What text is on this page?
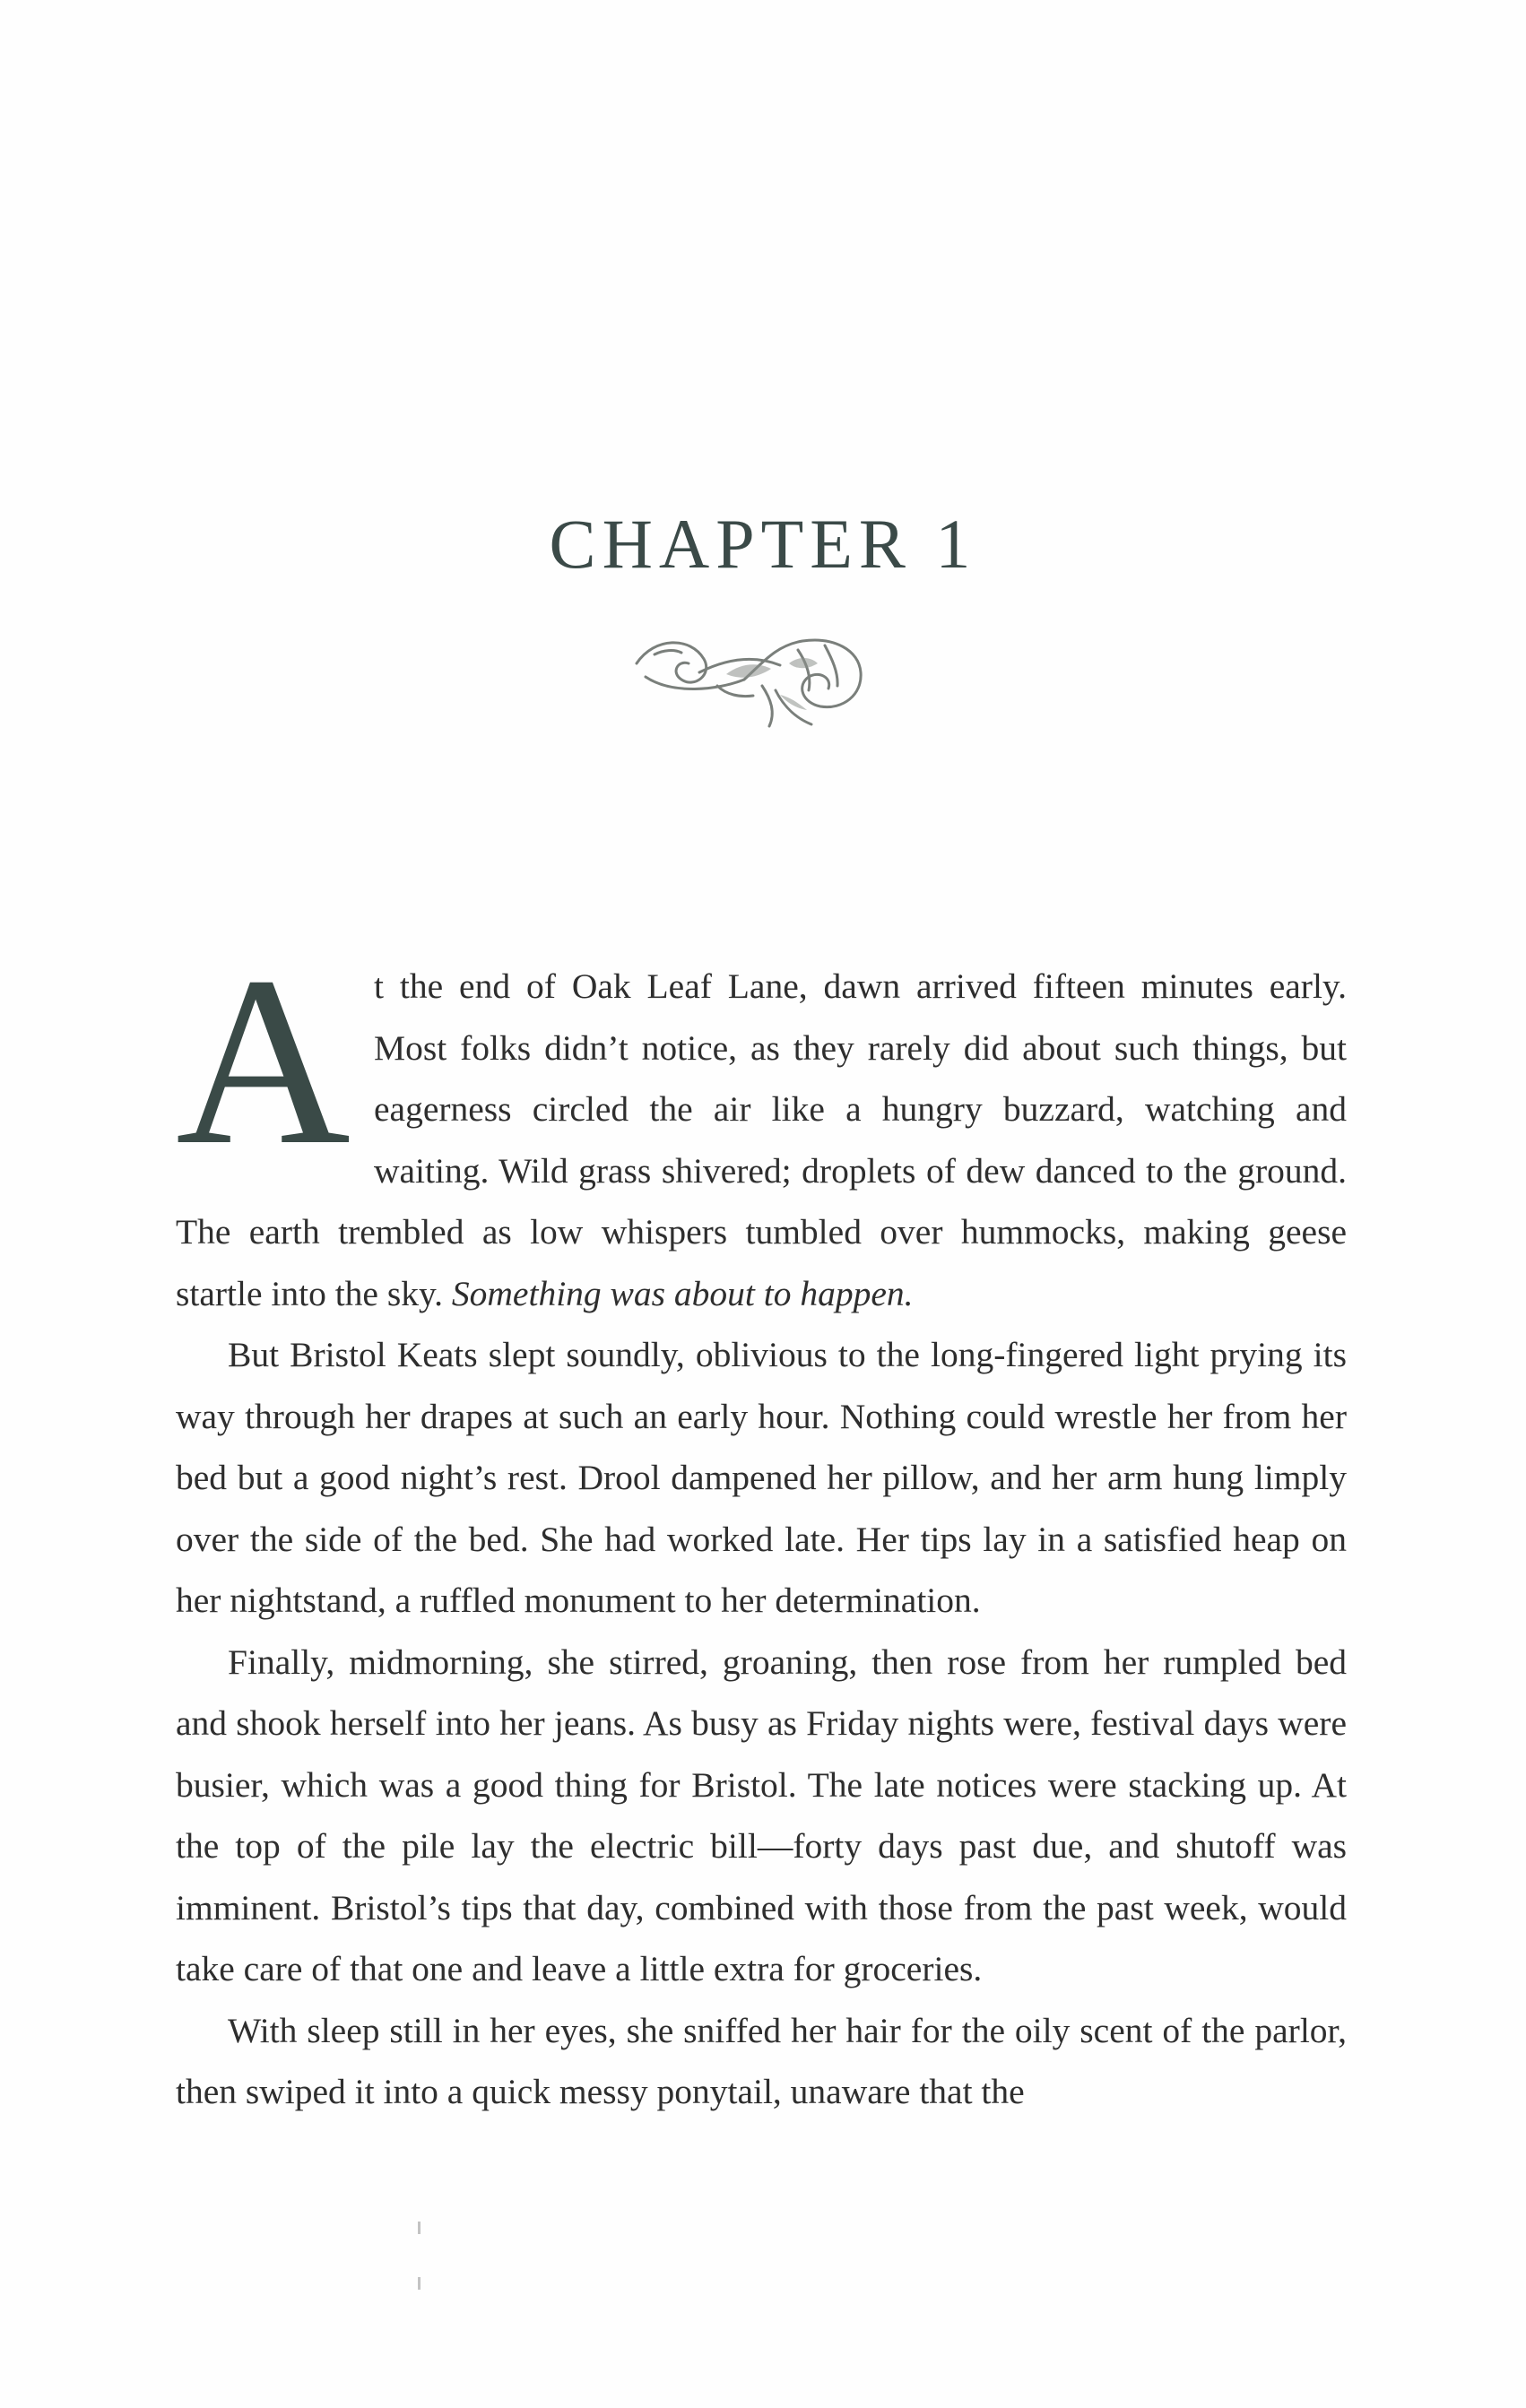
CHAPTER 1

At the end of Oak Leaf Lane, dawn arrived fifteen minutes early. Most folks didn’t notice, as they rarely did about such things, but eagerness circled the air like a hungry buzzard, watching and waiting. Wild grass shivered; droplets of dew danced to the ground. The earth trembled as low whispers tumbled over hummocks, making geese startle into the sky. Something was about to happen.

But Bristol Keats slept soundly, oblivious to the long-fingered light prying its way through her drapes at such an early hour. Nothing could wrestle her from her bed but a good night’s rest. Drool dampened her pillow, and her arm hung limply over the side of the bed. She had worked late. Her tips lay in a satisfied heap on her nightstand, a ruffled monument to her determination.

Finally, midmorning, she stirred, groaning, then rose from her rumpled bed and shook herself into her jeans. As busy as Friday nights were, festival days were busier, which was a good thing for Bristol. The late notices were stacking up. At the top of the pile lay the electric bill—forty days past due, and shutoff was imminent. Bristol’s tips that day, combined with those from the past week, would take care of that one and leave a little extra for groceries.

With sleep still in her eyes, she sniffed her hair for the oily scent of the parlor, then swiped it into a quick messy ponytail, unaware that the
